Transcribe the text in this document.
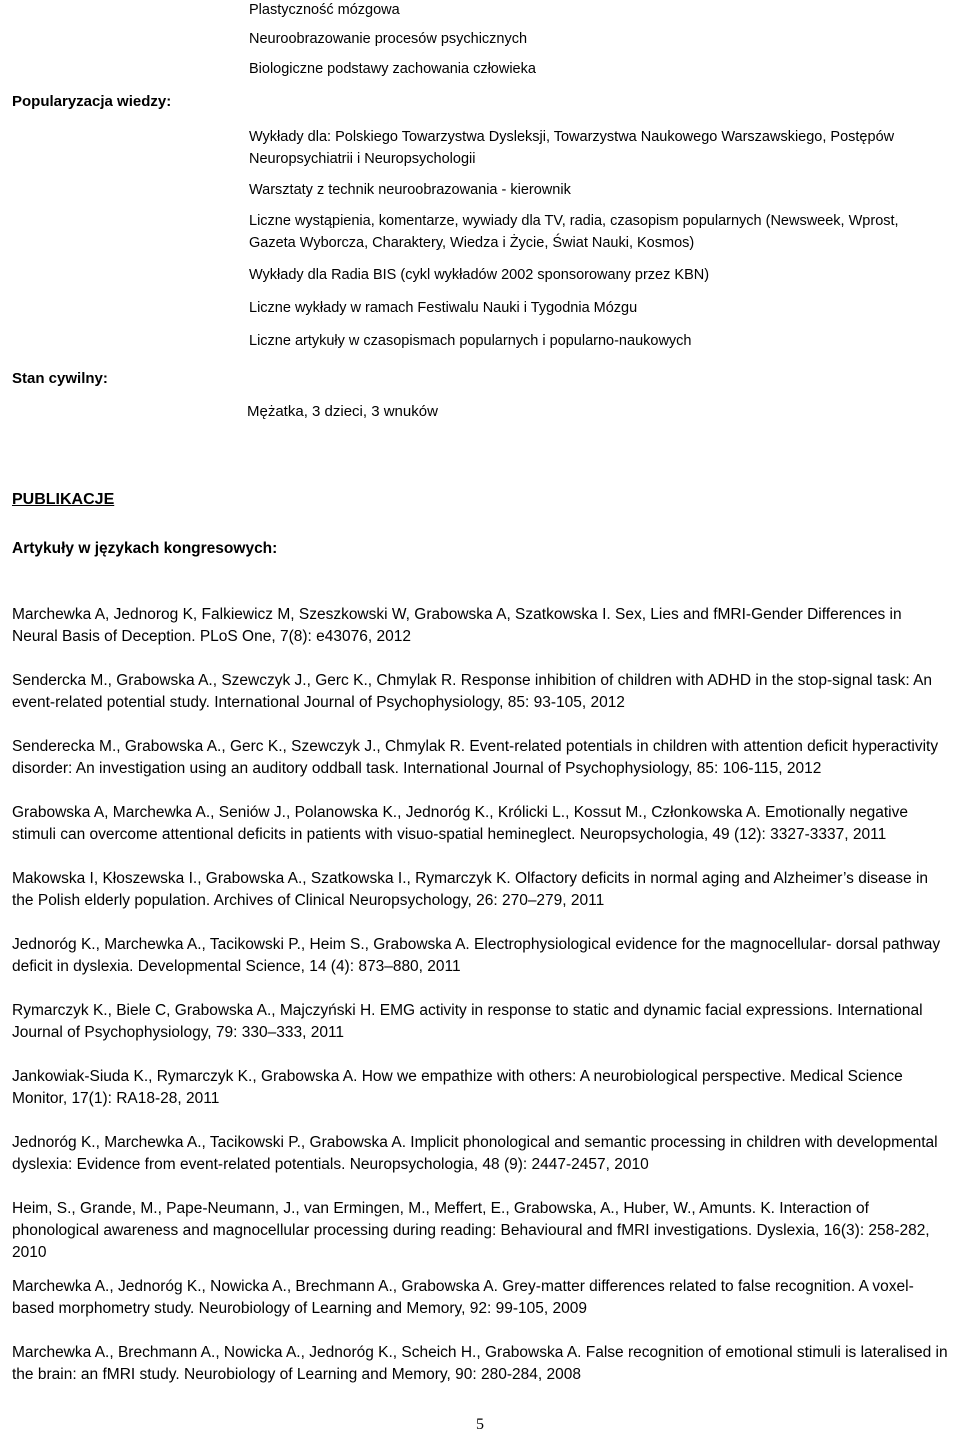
Plastyczność mózgowa
Neuroobrazowanie procesów psychicznych
Biologiczne podstawy zachowania człowieka
Popularyzacja wiedzy:

Wykłady dla: Polskiego Towarzystwa Dysleksji, Towarzystwa Naukowego Warszawskiego, Postępów Neuropsychiatrii i Neuropsychologii

Warsztaty z technik neuroobrazowania - kierownik

Liczne wystąpienia, komentarze, wywiady dla TV, radia, czasopism popularnych (Newsweek, Wprost, Gazeta Wyborcza, Charaktery, Wiedza i Życie, Świat Nauki, Kosmos)

Wykłady dla Radia BIS (cykl wykładów 2002 sponsorowany przez KBN)

Liczne wykłady w ramach Festiwalu Nauki i Tygodnia Mózgu

Liczne artykuły w czasopismach popularnych i popularno-naukowych

Stan cywilny:
Mężatka, 3 dzieci, 3 wnuków
PUBLIKACJE
Artykuły w językach kongresowych:

Marchewka A, Jednorog K, Falkiewicz M, Szeszkowski W, Grabowska A, Szatkowska I. Sex, Lies and fMRI-Gender Differences in Neural Basis of Deception. PLoS One, 7(8): e43076, 2012

Sendercka M., Grabowska A., Szewczyk J., Gerc K., Chmylak R. Response inhibition of children with ADHD in the stop-signal task: An event-related potential study. International Journal of Psychophysiology, 85: 93-105, 2012

Senderecka M., Grabowska A., Gerc K., Szewczyk J., Chmylak R. Event-related potentials in children with attention deficit hyperactivity disorder: An investigation using an auditory oddball task. International Journal of Psychophysiology, 85: 106-115, 2012

Grabowska A, Marchewka A., Seniów J., Polanowska K., Jednoróg K., Królicki L., Kossut M., Członkowska A. Emotionally negative stimuli can overcome attentional deficits in patients with visuo-spatial hemineglect. Neuropsychologia, 49 (12): 3327-3337, 2011

Makowska I, Kłoszewska I., Grabowska A., Szatkowska I., Rymarczyk K. Olfactory deficits in normal aging and Alzheimer’s disease in the Polish elderly population. Archives of Clinical Neuropsychology, 26: 270–279, 2011

Jednoróg K., Marchewka A., Tacikowski P., Heim S., Grabowska A. Electrophysiological evidence for the magnocellular- dorsal pathway deficit in dyslexia. Developmental Science, 14 (4): 873–880, 2011

Rymarczyk K., Biele C, Grabowska A., Majczyński H. EMG activity in response to static and dynamic facial expressions. International Journal of Psychophysiology, 79: 330–333, 2011

Jankowiak-Siuda K., Rymarczyk K., Grabowska A. How we empathize with others: A neurobiological perspective. Medical Science Monitor, 17(1): RA18-28, 2011

Jednoróg K., Marchewka A., Tacikowski P., Grabowska A. Implicit phonological and semantic processing in children with developmental dyslexia: Evidence from event-related potentials. Neuropsychologia, 48 (9): 2447-2457, 2010

Heim, S., Grande, M., Pape-Neumann, J., van Ermingen, M., Meffert, E., Grabowska, A., Huber, W., Amunts. K. Interaction of phonological awareness and magnocellular processing during reading: Behavioural and fMRI investigations. Dyslexia, 16(3): 258-282, 2010

Marchewka A., Jednoróg K., Nowicka A., Brechmann A., Grabowska A. Grey-matter differences related to false recognition. A voxel-based morphometry study. Neurobiology of Learning and Memory, 92: 99-105, 2009

Marchewka A., Brechmann A., Nowicka A., Jednoróg K., Scheich H., Grabowska A. False recognition of emotional stimuli is lateralised in the brain: an fMRI study. Neurobiology of Learning and Memory, 90: 280-284, 2008

5
